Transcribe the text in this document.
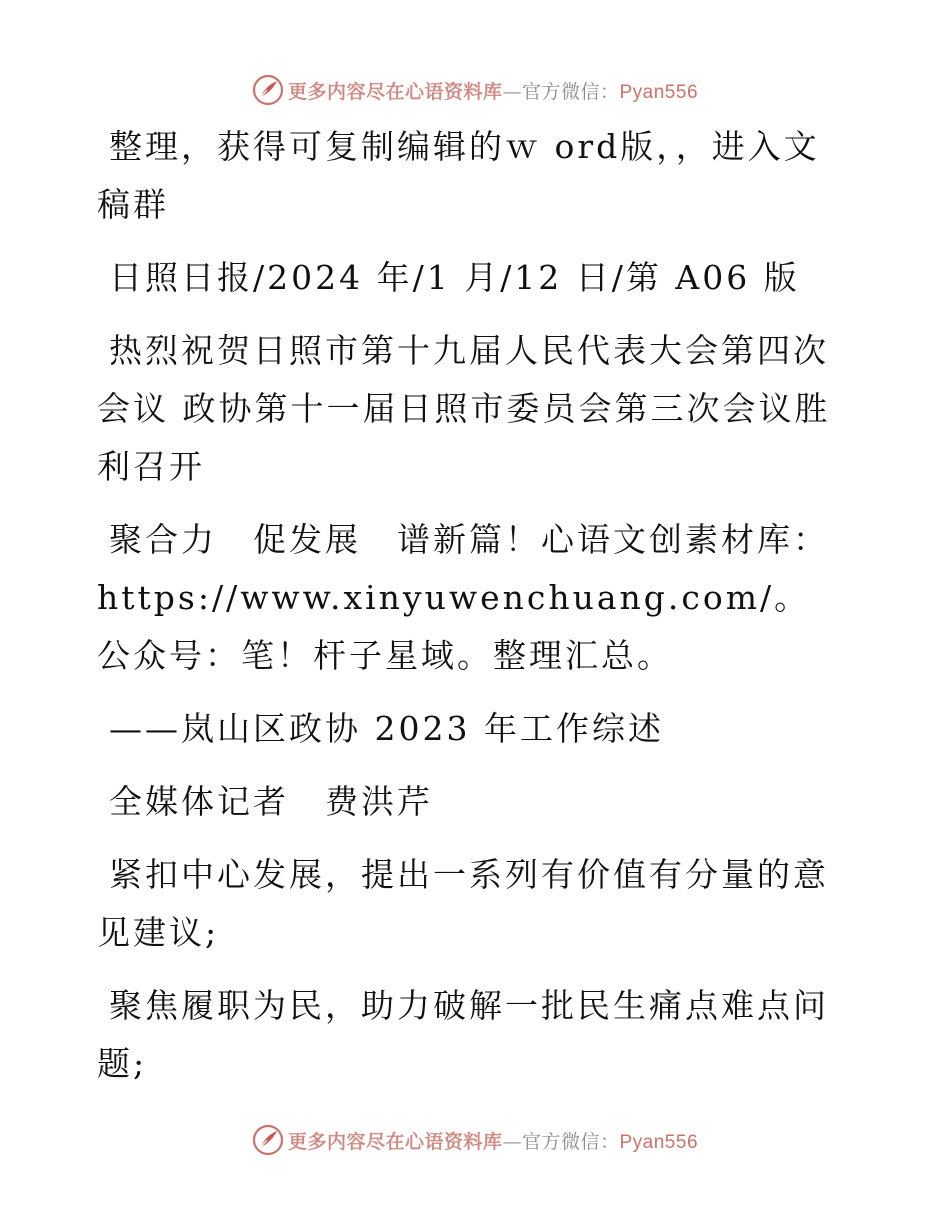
更多内容尽在心语资料库 — 官方微信： Pyan556

整理，获得可复制编辑的ｗ ord版，，进入文稿群

日照日报/2024 年/1 月/12 日/第 A06 版

热烈祝贺日照市第十九届人民代表大会第四次会议 政协第十一届日照市委员会第三次会议胜利召开

聚合力　促发展　谱新篇！心语文创素材库：https://www.xinyuwenchuang.com/。公众号：笔！杆子星域。整理汇总。

——岚山区政协 2023 年工作综述

全媒体记者　费洪芹

紧扣中心发展，提出一系列有价值有分量的意见建议;

聚焦履职为民，助力破解一批民生痛点难点问题;

更多内容尽在心语资料库 — 官方微信： Pyan556
